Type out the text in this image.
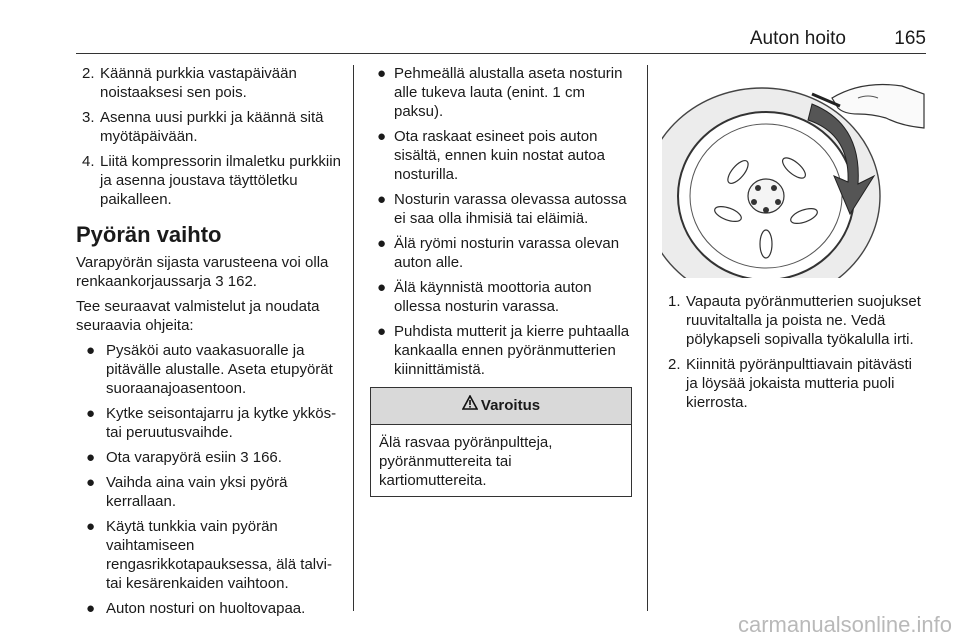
Auton hoito	165
2. Käännä purkkia vastapäivään noistaaksesi sen pois.
3. Asenna uusi purkki ja käännä sitä myötäpäivään.
4. Liitä kompressorin ilmaletku purkkiin ja asenna joustava täyttöletku paikalleen.
Pyörän vaihto

Varapyörän sijasta varusteena voi olla renkaankorjaussarja 3 162.

Tee seuraavat valmistelut ja noudata seuraavia ohjeita:

● Pysäköi auto vaakasuoralle ja pitävälle alustalle. Aseta etupyörät suoraanajoasentoon.
● Kytke seisontajarru ja kytke ykkös- tai peruutusvaihde.
● Ota varapyörä esiin 3 166.
● Vaihda aina vain yksi pyörä kerrallaan.
● Käytä tunkkia vain pyörän vaihtamiseen rengasrikkotapauksessa, älä talvi- tai kesärenkaiden vaihtoon.
● Auton nosturi on huoltovapaa.
● Pehmeällä alustalla aseta nosturin alle tukeva lauta (enint. 1 cm paksu).
● Ota raskaat esineet pois auton sisältä, ennen kuin nostat autoa nosturilla.
● Nosturin varassa olevassa autossa ei saa olla ihmisiä tai eläimiä.
● Älä ryömi nosturin varassa olevan auton alle.
● Älä käynnistä moottoria auton ollessa nosturin varassa.
● Puhdista mutterit ja kierre puhtaalla kankaalla ennen pyöränmutterien kiinnittämistä.
Varoitus
Älä rasvaa pyöränpultteja, pyöränmuttereita tai kartiomuttereita.
1. Vapauta pyöränmutterien suojukset ruuvitaltalla ja poista ne. Vedä pölykapseli sopivalla työkalulla irti.
2. Kiinnitä pyöränpulttiavain pitävästi ja löysää jokaista mutteria puoli kierrosta.
carmanualsonline.info
